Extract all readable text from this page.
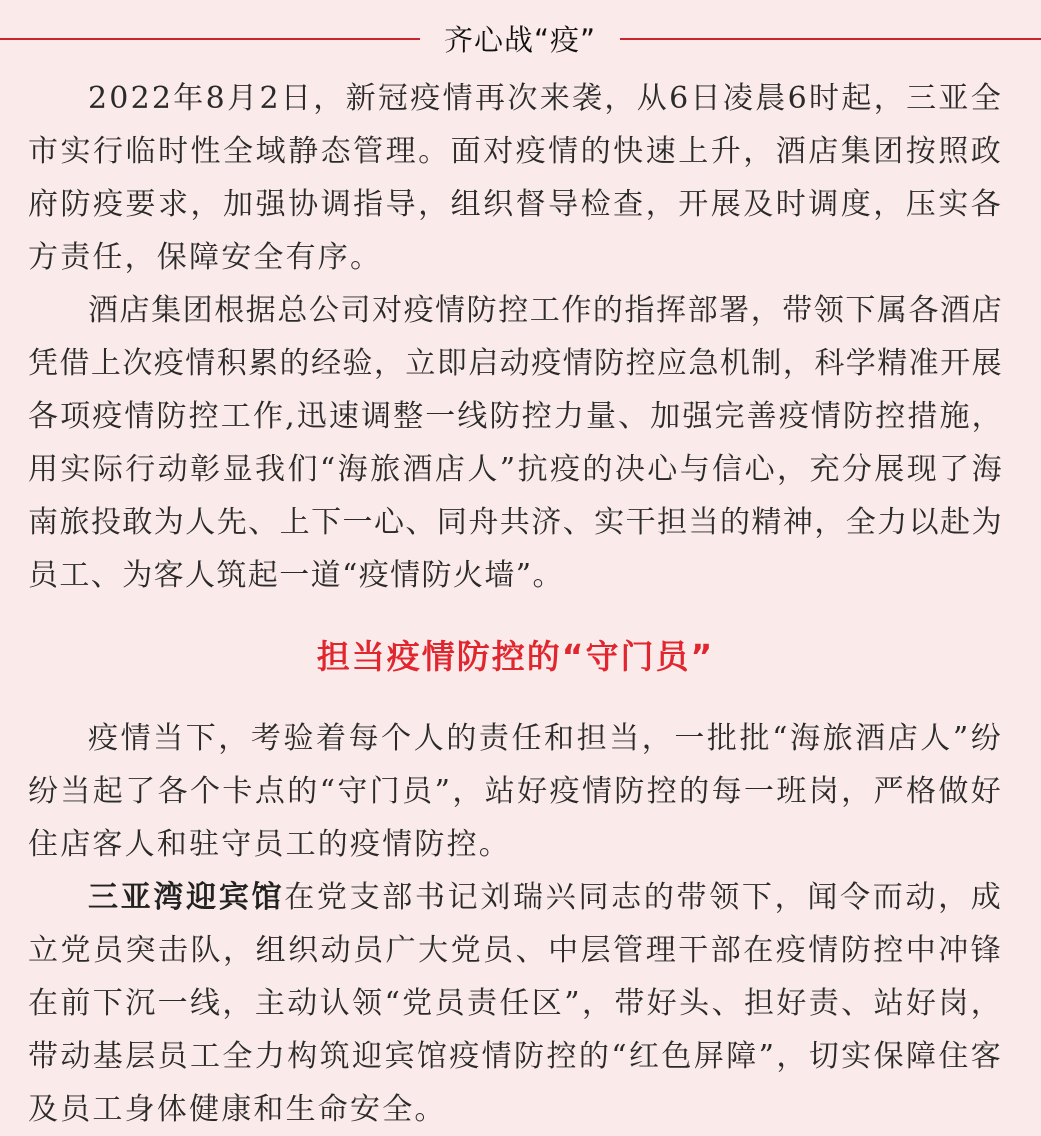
齐心战“疫”

2022年8月2日，新冠疫情再次来袭，从6日凌晨6时起，三亚全市实行临时性全域静态管理。面对疫情的快速上升，酒店集团按照政府防疫要求，加强协调指导，组织督导检查，开展及时调度，压实各方责任，保障安全有序。

酒店集团根据总公司对疫情防控工作的指挥部署，带领下属各酒店凭借上次疫情积累的经验，立即启动疫情防控应急机制，科学精准开展各项疫情防控工作,迅速调整一线防控力量、加强完善疫情防控措施，用实际行动彰显我们“海旅酒店人”抗疫的决心与信心，充分展现了海南旅投敢为人先、上下一心、同舟共济、实干担当的精神，全力以赴为员工、为客人筑起一道“疫情防火墙”。

担当疫情防控的“守门员”

疫情当下，考验着每个人的责任和担当，一批批“海旅酒店人”纷纷当起了各个卡点的“守门员”，站好疫情防控的每一班岗，严格做好住店客人和驻守员工的疫情防控。

三亚湾迎宾馆在党支部书记刘瑞兴同志的带领下，闻令而动，成立党员突击队，组织动员广大党员、中层管理干部在疫情防控中冲锋在前下沉一线，主动认领“党员责任区”，带好头、担好责、站好岗，带动基层员工全力构筑迎宾馆疫情防控的“红色屏障”，切实保障住客及员工身体健康和生命安全。
